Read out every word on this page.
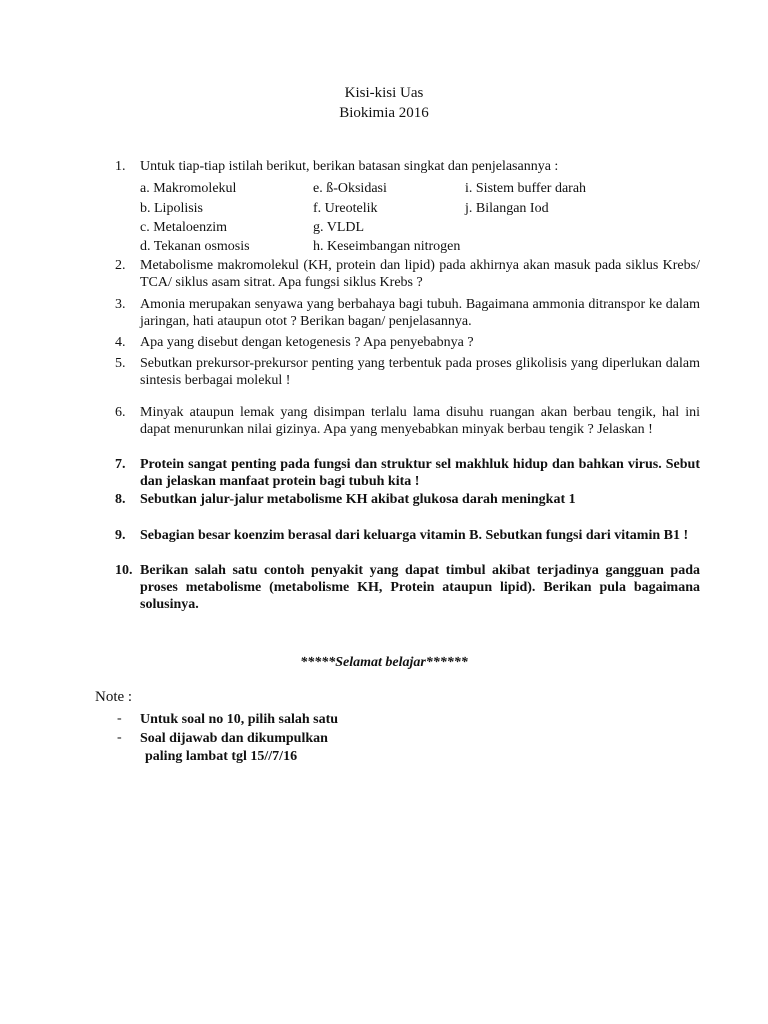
Kisi-kisi Uas
Biokimia 2016
1.	Untuk tiap-tiap istilah berikut, berikan batasan singkat dan penjelasannya :
a. Makromolekul	e. ß-Oksidasi	i. Sistem buffer darah
b. Lipolisis	f. Ureotelik	j. Bilangan Iod
c. Metaloenzim	g. VLDL
d. Tekanan osmosis	h. Keseimbangan nitrogen
2.	Metabolisme makromolekul (KH, protein dan lipid) pada akhirnya akan masuk pada siklus Krebs/ TCA/ siklus asam sitrat. Apa fungsi siklus Krebs ?
3.	Amonia merupakan senyawa yang berbahaya bagi tubuh. Bagaimana ammonia ditranspor ke dalam jaringan, hati ataupun otot ? Berikan bagan/ penjelasannya.
4.	Apa yang disebut dengan ketogenesis ? Apa penyebabnya ?
5.	Sebutkan prekursor-prekursor penting yang terbentuk pada proses glikolisis yang diperlukan dalam sintesis berbagai molekul !
6.	Minyak ataupun lemak yang disimpan terlalu lama disuhu ruangan akan berbau tengik, hal ini dapat menurunkan nilai gizinya. Apa yang menyebabkan minyak berbau tengik ? Jelaskan !
7.	Protein sangat penting pada fungsi dan struktur sel makhluk hidup dan bahkan virus. Sebut dan jelaskan manfaat protein bagi tubuh kita !
8.	Sebutkan jalur-jalur metabolisme KH akibat glukosa darah meningkat 1
9.	Sebagian besar koenzim berasal dari keluarga vitamin B. Sebutkan fungsi dari vitamin B1 !
10. Berikan salah satu contoh penyakit yang dapat timbul akibat terjadinya gangguan pada proses metabolisme (metabolisme KH, Protein ataupun lipid). Berikan pula bagaimana solusinya.
*****Selamat belajar******
Note :
- Untuk soal no 10, pilih salah satu
- Soal dijawab dan dikumpulkan
paling lambat tgl 15//7/16
